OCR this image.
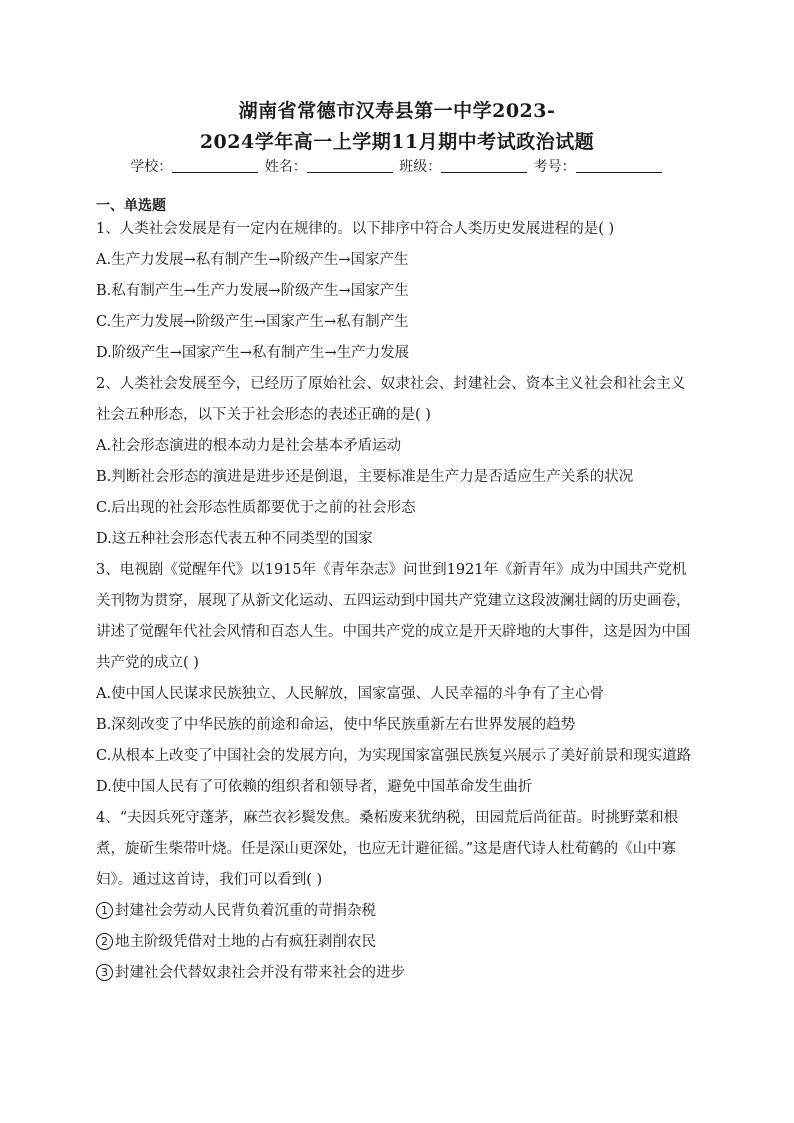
湖南省常德市汉寿县第一中学2023-
2024学年高一上学期11月期中考试政治试题
学校：	姓名：	班级：	考号：
一、单选题

1、人类社会发展是有一定内在规律的。以下排序中符合人类历史发展进程的是( )

A.生产力发展→私有制产生→阶级产生→国家产生

B.私有制产生→生产力发展→阶级产生→国家产生

C.生产力发展→阶级产生→国家产生→私有制产生

D.阶级产生→国家产生→私有制产生→生产力发展

2、人类社会发展至今，已经历了原始社会、奴隶社会、封建社会、资本主义社会和社会主义社会五种形态，以下关于社会形态的表述正确的是( )

A.社会形态演进的根本动力是社会基本矛盾运动

B.判断社会形态的演进是进步还是倒退，主要标准是生产力是否适应生产关系的状况

C.后出现的社会形态性质都要优于之前的社会形态

D.这五种社会形态代表五种不同类型的国家

3、电视剧《觉醒年代》以1915年《青年杂志》问世到1921年《新青年》成为中国共产党机关刊物为贯穿，展现了从新文化运动、五四运动到中国共产党建立这段波澜壮阔的历史画卷，讲述了觉醒年代社会风情和百态人生。中国共产党的成立是开天辟地的大事件，这是因为中国共产党的成立( )

A.使中国人民谋求民族独立、人民解放，国家富强、人民幸福的斗争有了主心骨

B.深刻改变了中华民族的前途和命运，使中华民族重新左右世界发展的趋势

C.从根本上改变了中国社会的发展方向，为实现国家富强民族复兴展示了美好前景和现实道路

D.使中国人民有了可依赖的组织者和领导者，避免中国革命发生曲折

4、“夫因兵死守蓬茅，麻苎衣衫鬓发焦。桑柘废来犹纳税，田园荒后尚征苗。时挑野菜和根煮，旋斫生柴带叶烧。任是深山更深处，也应无计避征徭。”这是唐代诗人杜荀鹤的《山中寡妇》。通过这首诗，我们可以看到( )

1 封建社会劳动人民背负着沉重的苛捐杂税

2 地主阶级凭借对土地的占有疯狂剥削农民

3 封建社会代替奴隶社会并没有带来社会的进步
